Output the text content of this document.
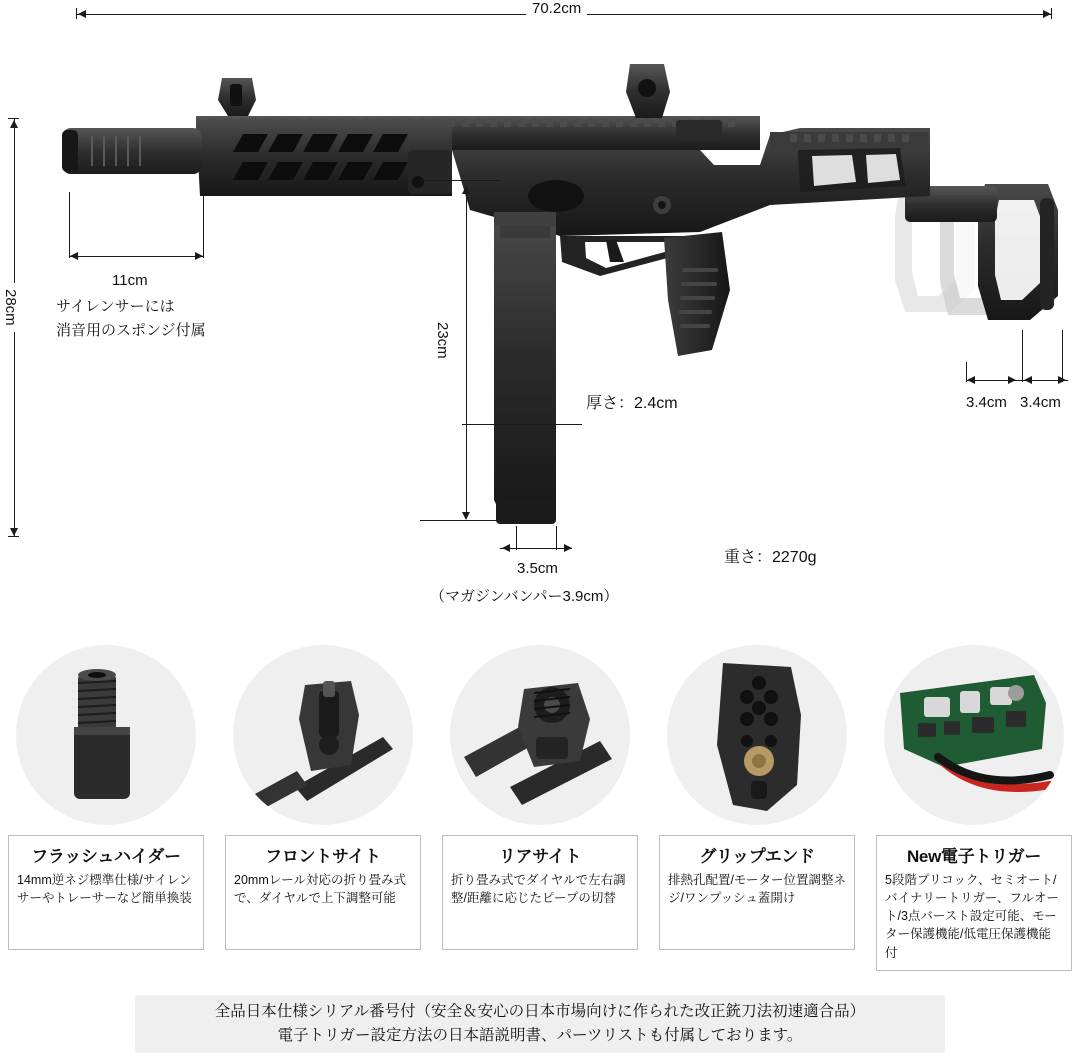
70.2cm
28cm
11cm
サイレンサーには
消音用のスポンジ付属	23cm
3.5cm
（マガジンバンパー3.9cm）
厚さ：2.4cm
重さ：2270g
3.4cm 3.4cm
フラッシュハイダー
14mm逆ネジ標準仕様/サイレンサーやトレーサーなど簡単換装
フロントサイト
20mmレール対応の折り畳み式で、ダイヤルで上下調整可能
リアサイト
折り畳み式でダイヤルで左右調整/距離に応じたピープの切替
グリップエンド
排熱孔配置/モーター位置調整ネジ/ワンプッシュ蓋開け
New電子トリガー
5段階プリコック、セミオート/バイナリートリガー、フルオート/3点バースト設定可能、モーター保護機能/低電圧保護機能付
全品日本仕様シリアル番号付（安全＆安心の日本市場向けに作られた改正銃刀法初速適合品）
電子トリガー設定方法の日本語説明書、パーツリストも付属しております。
